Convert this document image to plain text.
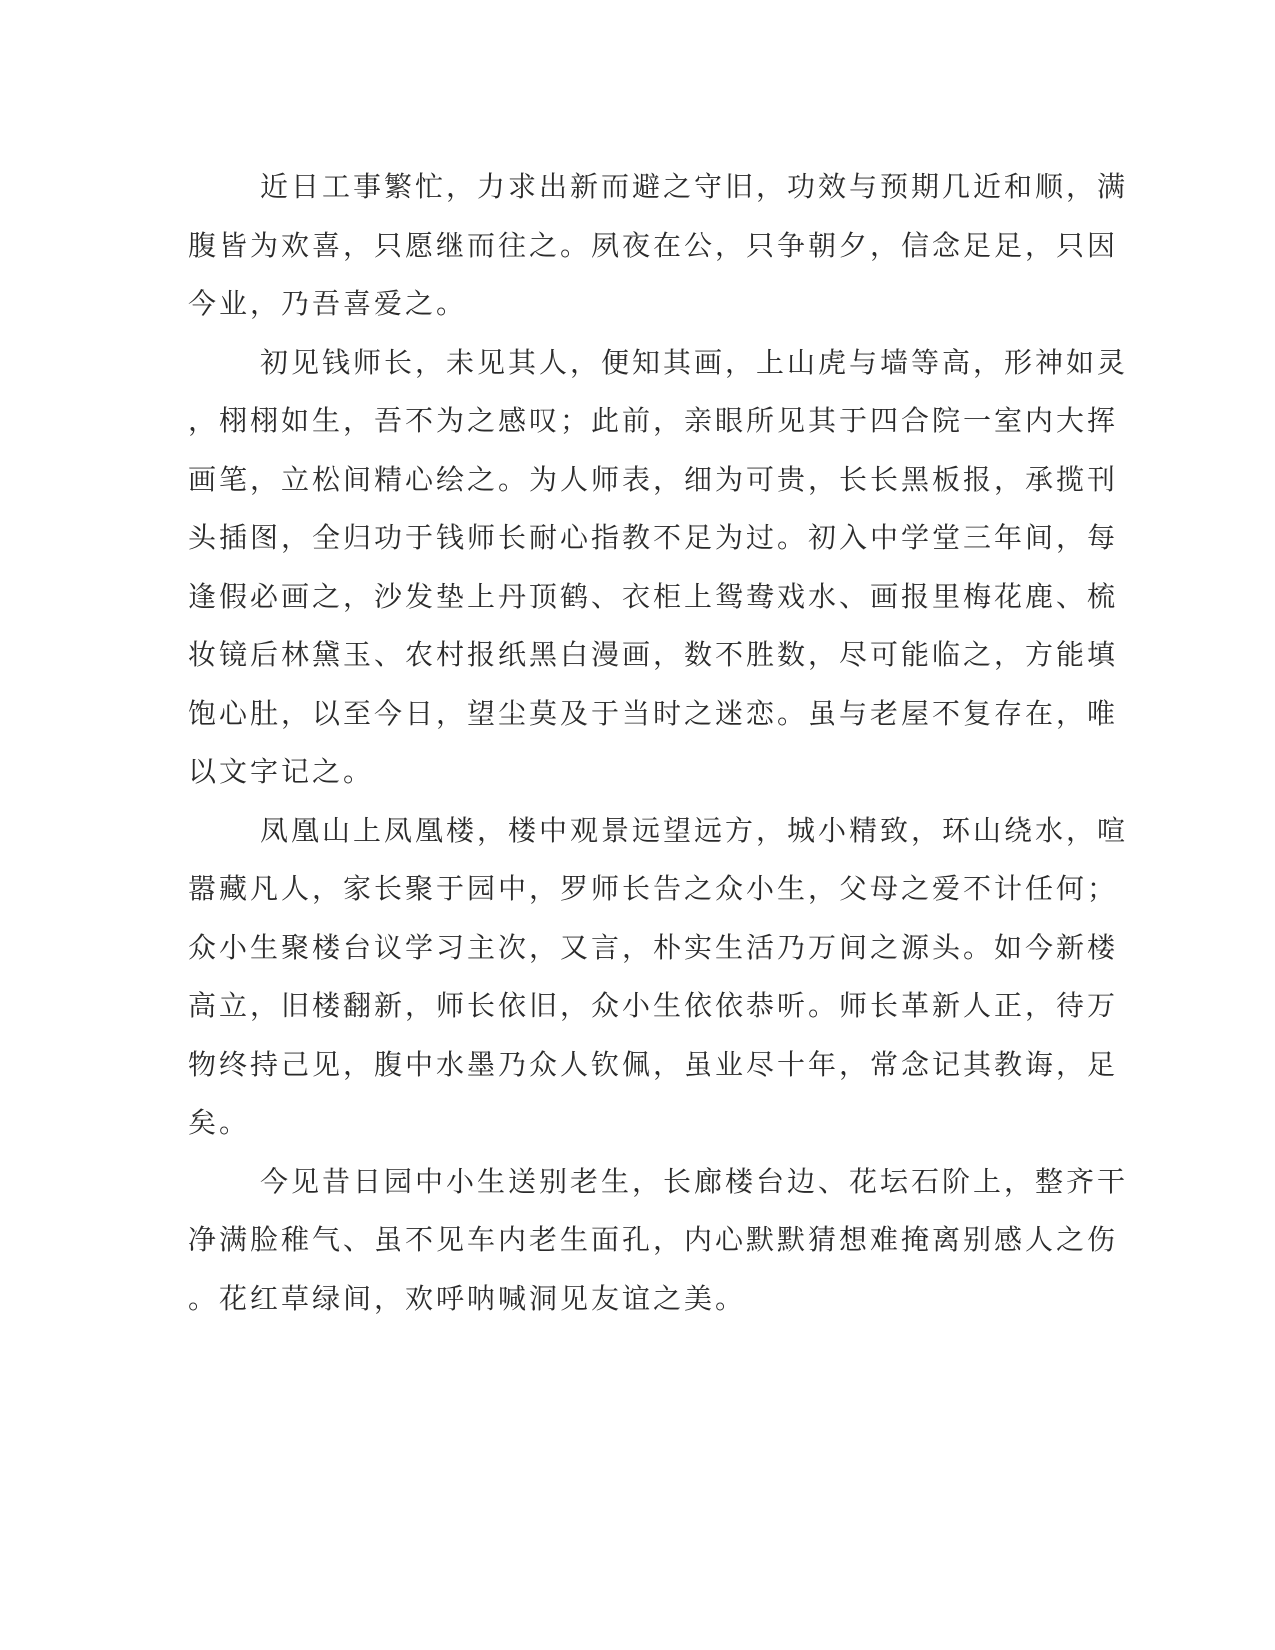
近日工事繁忙，力求出新而避之守旧，功效与预期几近和顺，满
腹皆为欢喜，只愿继而往之。夙夜在公，只争朝夕，信念足足，只因
今业，乃吾喜爱之。
初见钱师长，未见其人，便知其画，上山虎与墙等高，形神如灵
，栩栩如生，吾不为之感叹；此前，亲眼所见其于四合院一室内大挥
画笔，立松间精心绘之。为人师表，细为可贵，长长黑板报，承揽刊
头插图，全归功于钱师长耐心指教不足为过。初入中学堂三年间，每
逢假必画之，沙发垫上丹顶鹤、衣柜上鸳鸯戏水、画报里梅花鹿、梳
妆镜后林黛玉、农村报纸黑白漫画，数不胜数，尽可能临之，方能填
饱心肚，以至今日，望尘莫及于当时之迷恋。虽与老屋不复存在，唯
以文字记之。
凤凰山上凤凰楼，楼中观景远望远方，城小精致，环山绕水，喧
嚣藏凡人，家长聚于园中，罗师长告之众小生，父母之爱不计任何；
众小生聚楼台议学习主次，又言，朴实生活乃万间之源头。如今新楼
高立，旧楼翻新，师长依旧，众小生依依恭听。师长革新人正，待万
物终持己见，腹中水墨乃众人钦佩，虽业尽十年，常念记其教诲，足
矣。
今见昔日园中小生送别老生，长廊楼台边、花坛石阶上，整齐干
净满脸稚气、虽不见车内老生面孔，内心默默猜想难掩离别感人之伤
。花红草绿间，欢呼呐喊洞见友谊之美。
